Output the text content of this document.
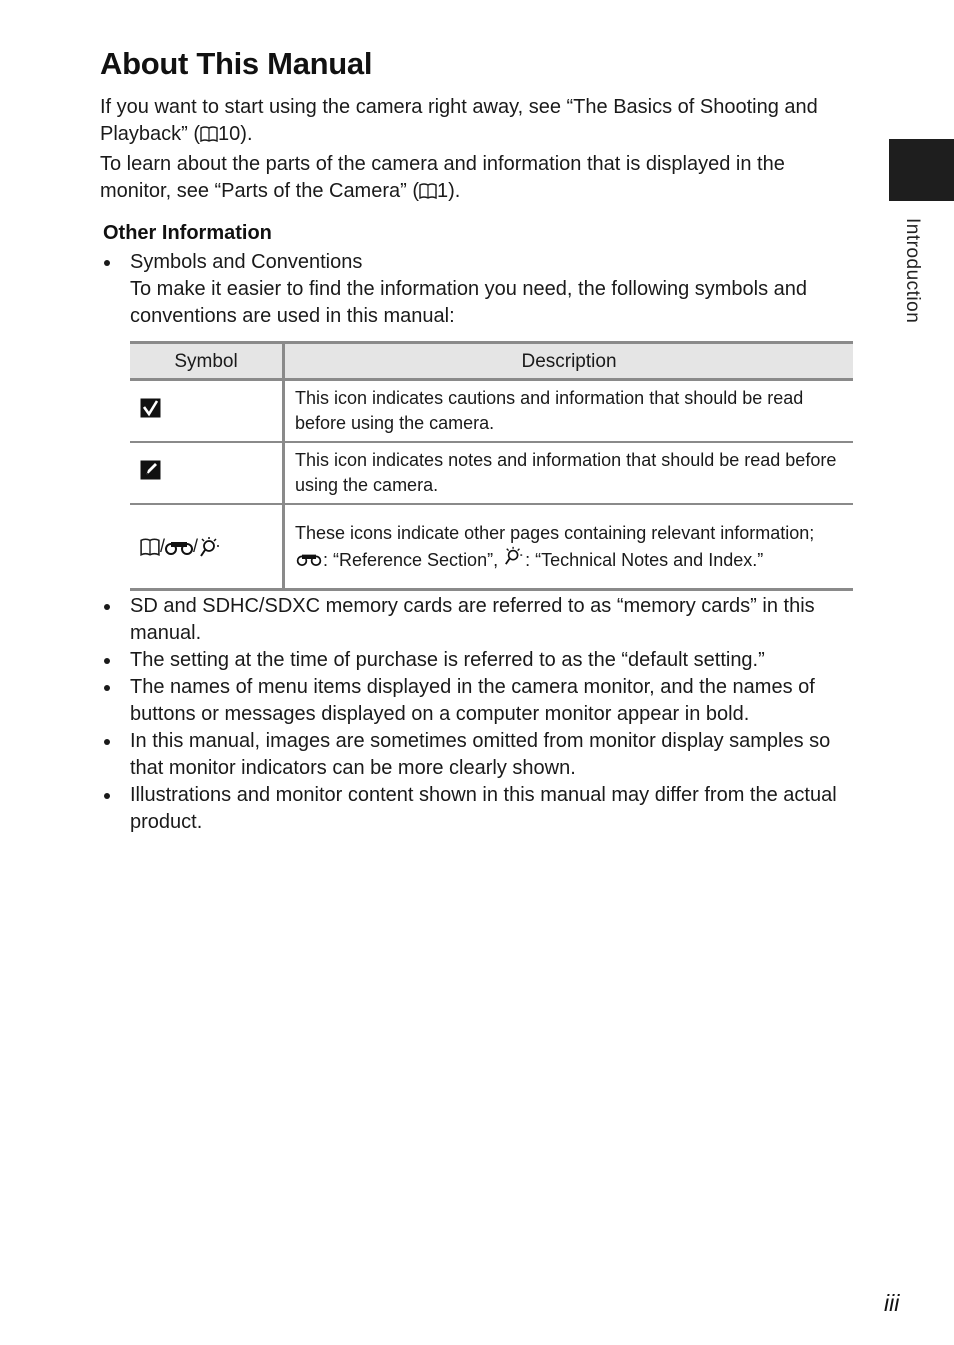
About This Manual

If you want to start using the camera right away, see “The Basics of Shooting and Playback” ( 10).

To learn about the parts of the camera and information that is displayed in the monitor, see “Parts of the Camera” ( 1).

Other Information
Symbols and Conventions
To make it easier to find the information you need, the following symbols and conventions are used in this manual:
Symbol	Description
	This icon indicates cautions and information that should be read before using the camera.
	This icon indicates notes and information that should be read before using the camera.
/ /	These icons indicate other pages containing relevant information;
: “Reference Section”, : “Technical Notes and Index.”
SD and SDHC/SDXC memory cards are referred to as “memory cards” in this manual.
The setting at the time of purchase is referred to as the “default setting.”
The names of menu items displayed in the camera monitor, and the names of buttons or messages displayed on a computer monitor appear in bold.
In this manual, images are sometimes omitted from monitor display samples so that monitor indicators can be more clearly shown.
Illustrations and monitor content shown in this manual may differ from the actual product.
Introduction
iii
